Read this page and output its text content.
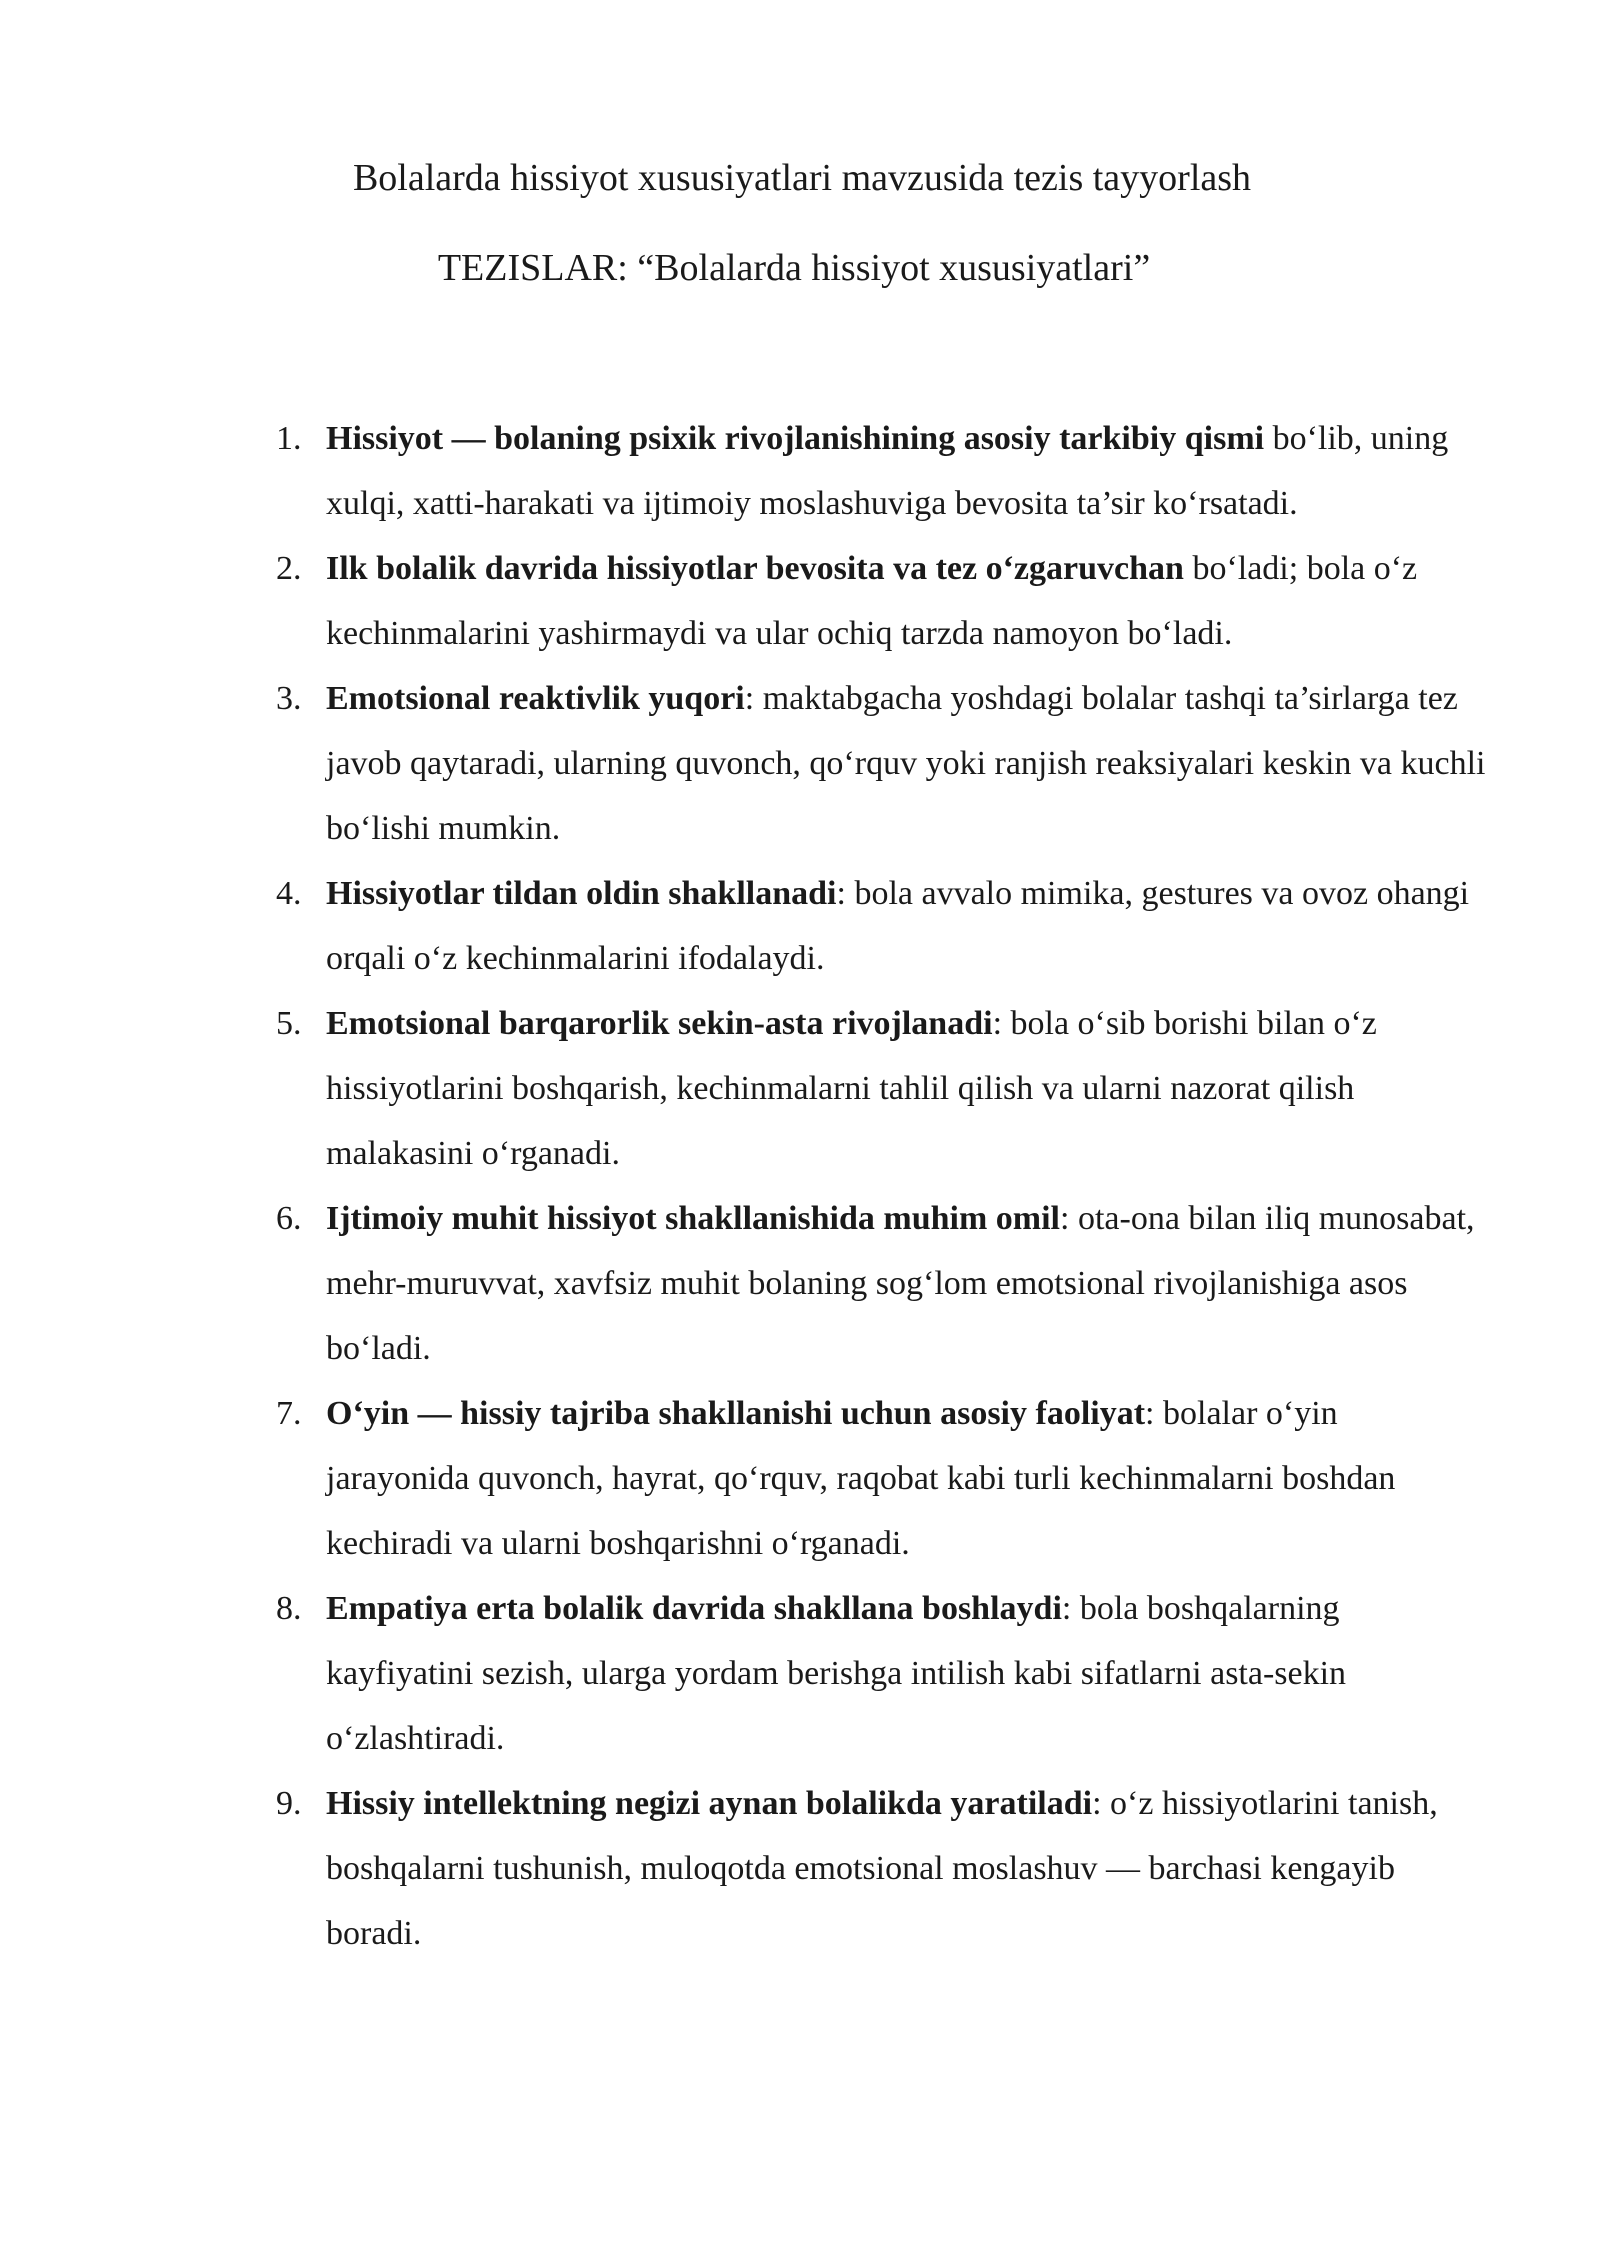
Bolalarda hissiyot xususiyatlari mavzusida tezis tayyorlash
TEZISLAR: “Bolalarda hissiyot xususiyatlari”
1. Hissiyot — bolaning psixik rivojlanishining asosiy tarkibiy qismi bo‘lib, uning xulqi, xatti-harakati va ijtimoiy moslashuviga bevosita ta’sir ko‘rsatadi.
2. Ilk bolalik davrida hissiyotlar bevosita va tez o‘zgaruvchan bo‘ladi; bola o‘z kechinmalarini yashirmaydi va ular ochiq tarzda namoyon bo‘ladi.
3. Emotsional reaktivlik yuqori: maktabgacha yoshdagi bolalar tashqi ta’sirlarga tez javob qaytaradi, ularning quvonch, qo‘rquv yoki ranjish reaksiyalari keskin va kuchli bo‘lishi mumkin.
4. Hissiyotlar tildan oldin shakllanadi: bola avvalo mimika, gestures va ovoz ohangi orqali o‘z kechinmalarini ifodalaydi.
5. Emotsional barqarorlik sekin-asta rivojlanadi: bola o‘sib borishi bilan o‘z hissiyotlarini boshqarish, kechinmalarni tahlil qilish va ularni nazorat qilish malakasini o‘rganadi.
6. Ijtimoiy muhit hissiyot shakllanishida muhim omil: ota-ona bilan iliq munosabat, mehr-muruvvat, xavfsiz muhit bolaning sog‘lom emotsional rivojlanishiga asos bo‘ladi.
7. O‘yin — hissiy tajriba shakllanishi uchun asosiy faoliyat: bolalar o‘yin jarayonida quvonch, hayrat, qo‘rquv, raqobat kabi turli kechinmalarni boshdan kechiradi va ularni boshqarishni o‘rganadi.
8. Empatiya erta bolalik davrida shakllana boshlaydi: bola boshqalarning kayfiyatini sezish, ularga yordam berishga intilish kabi sifatlarni asta-sekin o‘zlashtiradi.
9. Hissiy intellektning negizi aynan bolalikda yaratiladi: o‘z hissiyotlarini tanish, boshqalarni tushunish, muloqotda emotsional moslashuv — barchasi kengayib boradi.
